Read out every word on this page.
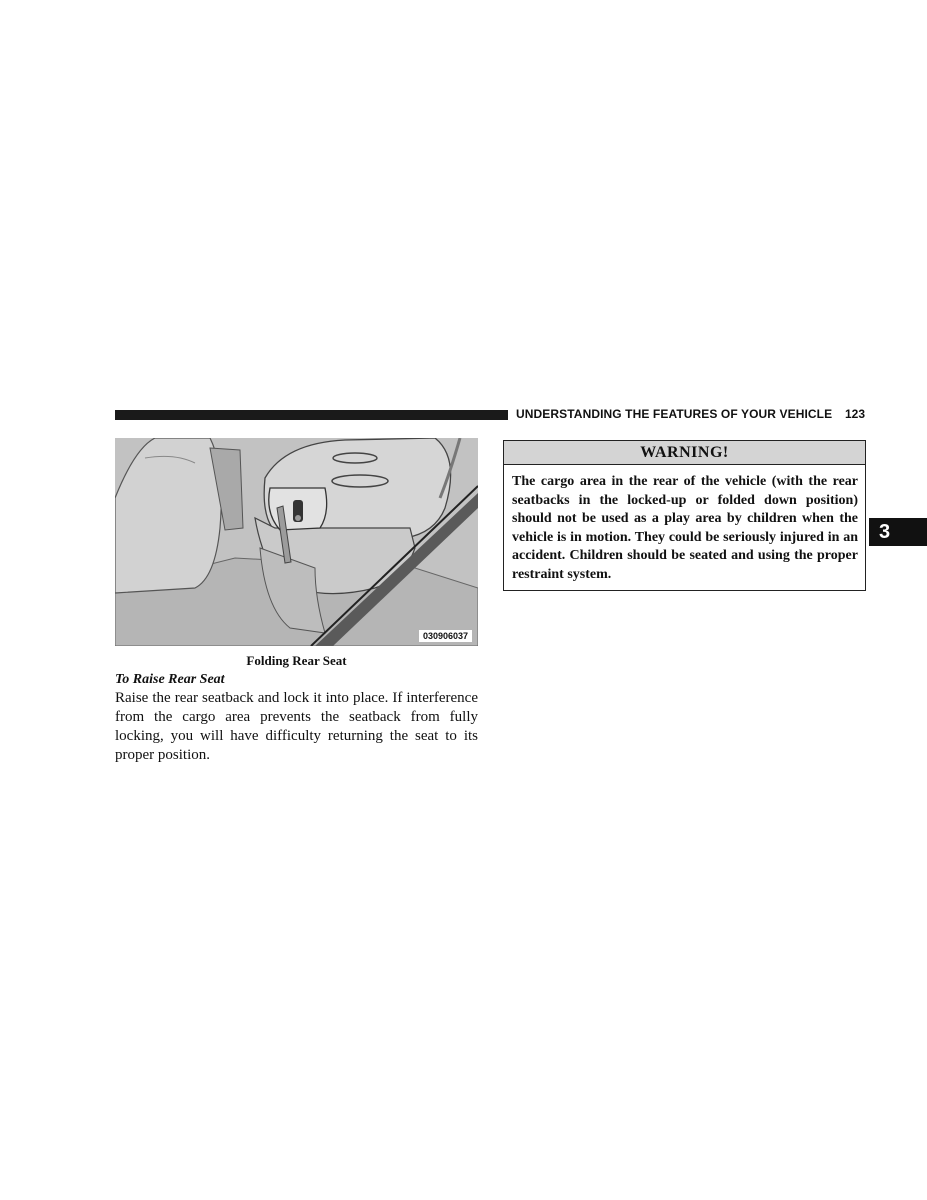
UNDERSTANDING THE FEATURES OF YOUR VEHICLE 123
030906037
Folding Rear Seat
To Raise Rear Seat

Raise the rear seatback and lock it into place. If interference from the cargo area prevents the seatback from fully locking, you will have difficulty returning the seat to its proper position.

WARNING!
The cargo area in the rear of the vehicle (with the rear seatbacks in the locked-up or folded down position) should not be used as a play area by children when the vehicle is in motion. They could be seriously injured in an accident. Children should be seated and using the proper restraint system.
3
